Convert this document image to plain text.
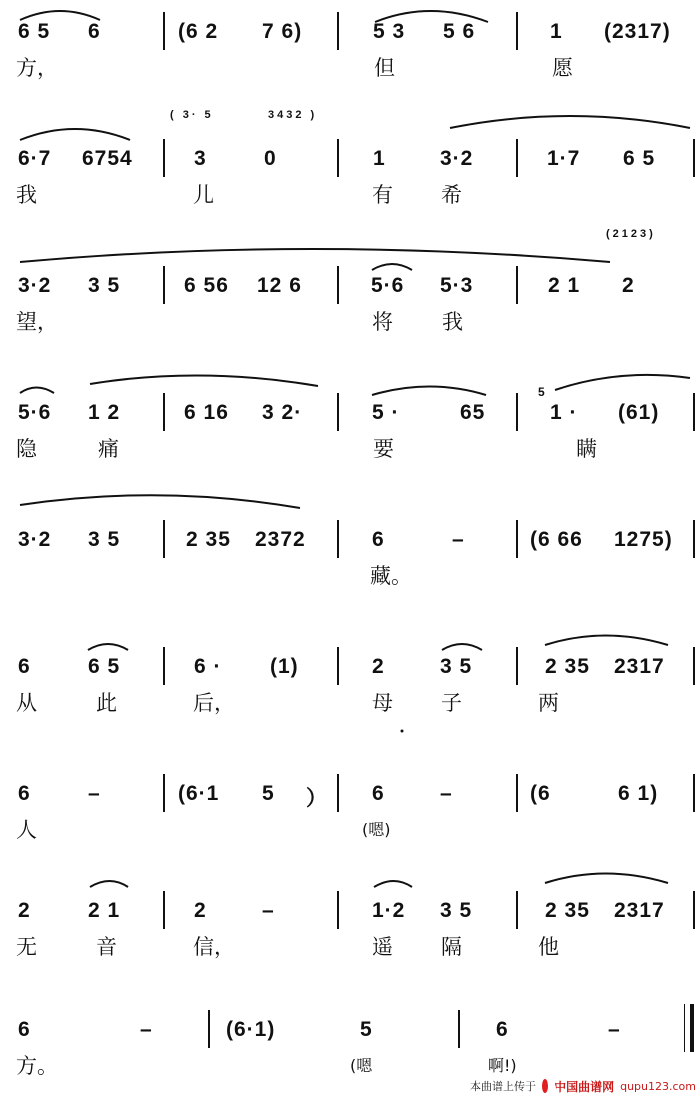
6 5 6	(6 2 7 6)	5 3 5 6	1 (2317)
方，	但	愿
( 3· 5	3432 )
6·7 6754	3	0	1	3·2	1·7 6 5
我	儿	有 希
(2123)
3·2 3 5	6 56 12 6	5·6 5·3	2 1 2
望，	将 我
5·6 1 2	6 16 3 2·	5 ·	65
5
1 · (61)
隐	痛	要	瞒
3·2 3 5	2 35 2372	6	–	(6 66 1275)
藏。
6	6 5	6 · (1)	2	3 5	2 35 2317
从	此	后，	母 子	两
6	–	(6·1 5 ） 6	–	(6	6 1)
人	(嗯)
2	2 1	2	–	1·2 3 5	2 35 2317
无	音	信，	遥 隔	他
6	–	(6·1)	5	6	–
方。	(嗯	啊!)
本曲谱上传于 中国曲谱网 qupu123.com
